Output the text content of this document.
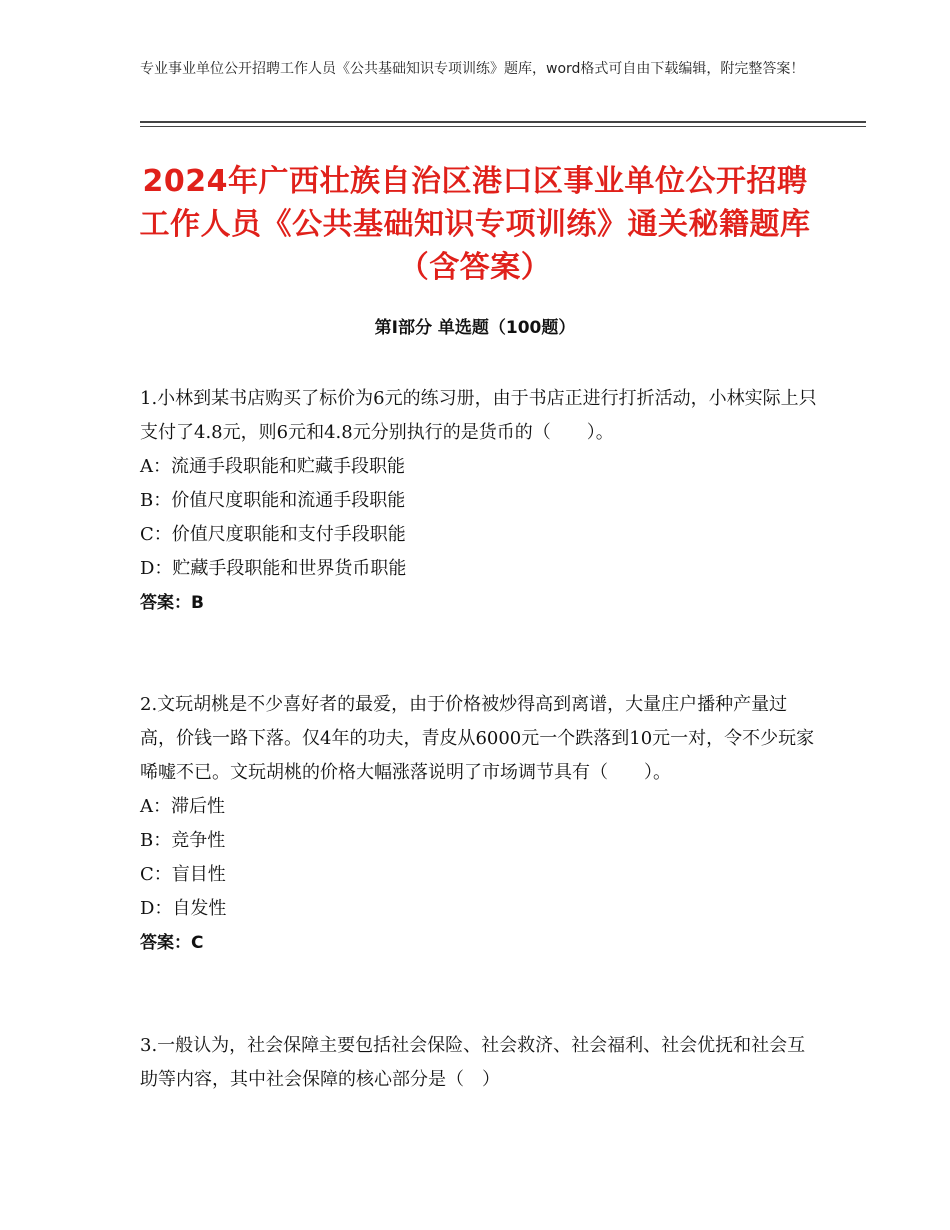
专业事业单位公开招聘工作人员《公共基础知识专项训练》题库，word格式可自由下载编辑，附完整答案！
2024年广西壮族自治区港口区事业单位公开招聘工作人员《公共基础知识专项训练》通关秘籍题库（含答案）
第Ⅰ部分 单选题（100题）

1.小林到某书店购买了标价为6元的练习册，由于书店正进行打折活动，小林实际上只支付了4.8元，则6元和4.8元分别执行的是货币的（　　）。

A：流通手段职能和贮藏手段职能

B：价值尺度职能和流通手段职能

C：价值尺度职能和支付手段职能

D：贮藏手段职能和世界货币职能

答案：B

2.文玩胡桃是不少喜好者的最爱，由于价格被炒得高到离谱，大量庄户播种产量过高，价钱一路下落。仅4年的功夫，青皮从6000元一个跌落到10元一对，令不少玩家唏嘘不已。文玩胡桃的价格大幅涨落说明了市场调节具有（　　）。

A：滞后性

B：竞争性

C：盲目性

D：自发性

答案：C

3.一般认为，社会保障主要包括社会保险、社会救济、社会福利、社会优抚和社会互助等内容，其中社会保障的核心部分是（　）
